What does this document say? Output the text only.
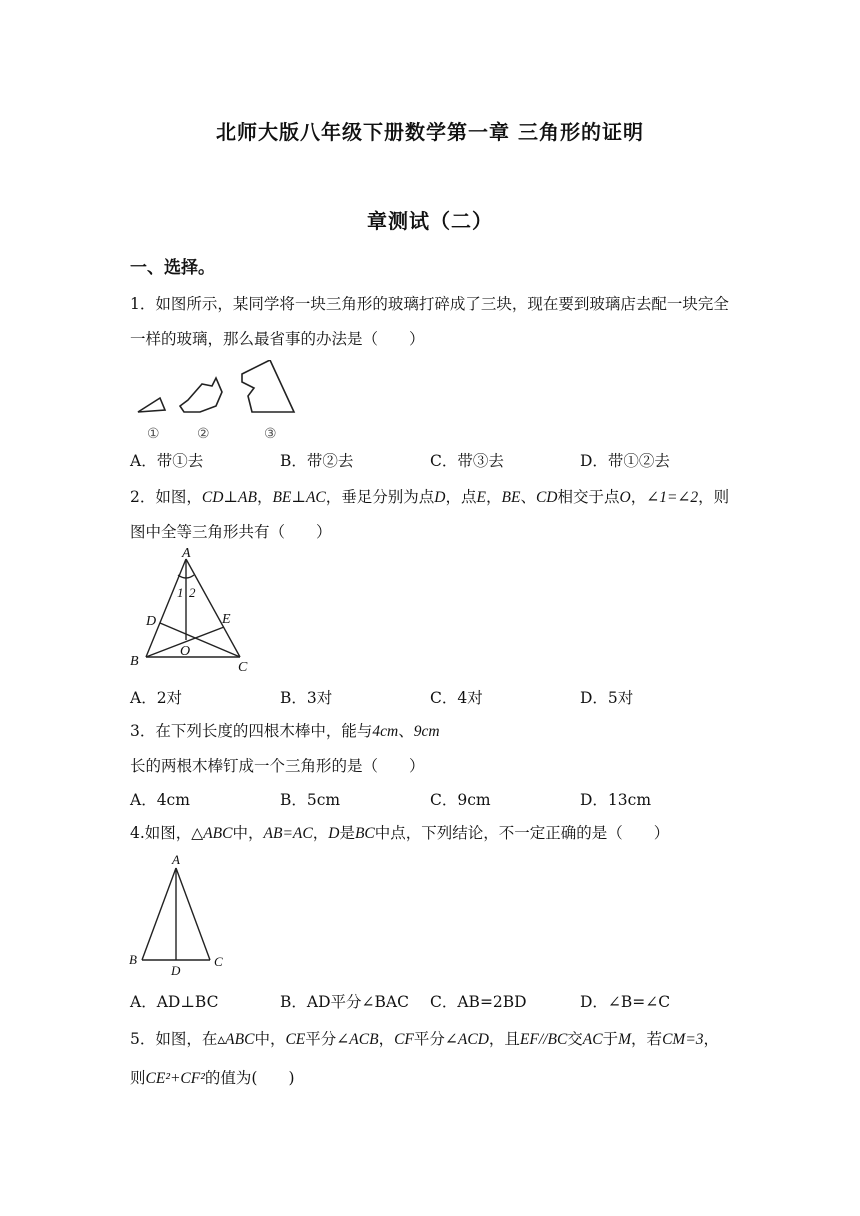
北师大版八年级下册数学第一章 三角形的证明
章测试（二）
一、选择。
1．如图所示，某同学将一块三角形的玻璃打碎成了三块，现在要到玻璃店去配一块完全一样的玻璃，那么最省事的办法是（　　）
①	②	③
A．带①去	B．带②去	C．带③去	D．带①②去
2．如图，CD⊥AB，BE⊥AC，垂足分别为点D，点E，BE、CD相交于点O，∠1=∠2，则图中全等三角形共有（　　）
A
D	E
B
O
C
1 2
A．2对	B．3对	C．4对	D．5对
3．在下列长度的四根木棒中，能与4cm、9cm长的两根木棒钉成一个三角形的是（　　）
A．4cm	B．5cm	C．9cm	D．13cm
4.如图，△ABC中，AB=AC，D是BC中点，下列结论，不一定正确的是（　　）
A
B
D
C
A．AD⊥BC	B．AD平分∠BAC C．AB=2BD	D．∠B=∠C
5．如图，在▵ABC中，CE平分∠ACB，CF平分∠ACD，且EF//BC交AC于M，若CM=3，则CE²+CF²的值为(　　)
